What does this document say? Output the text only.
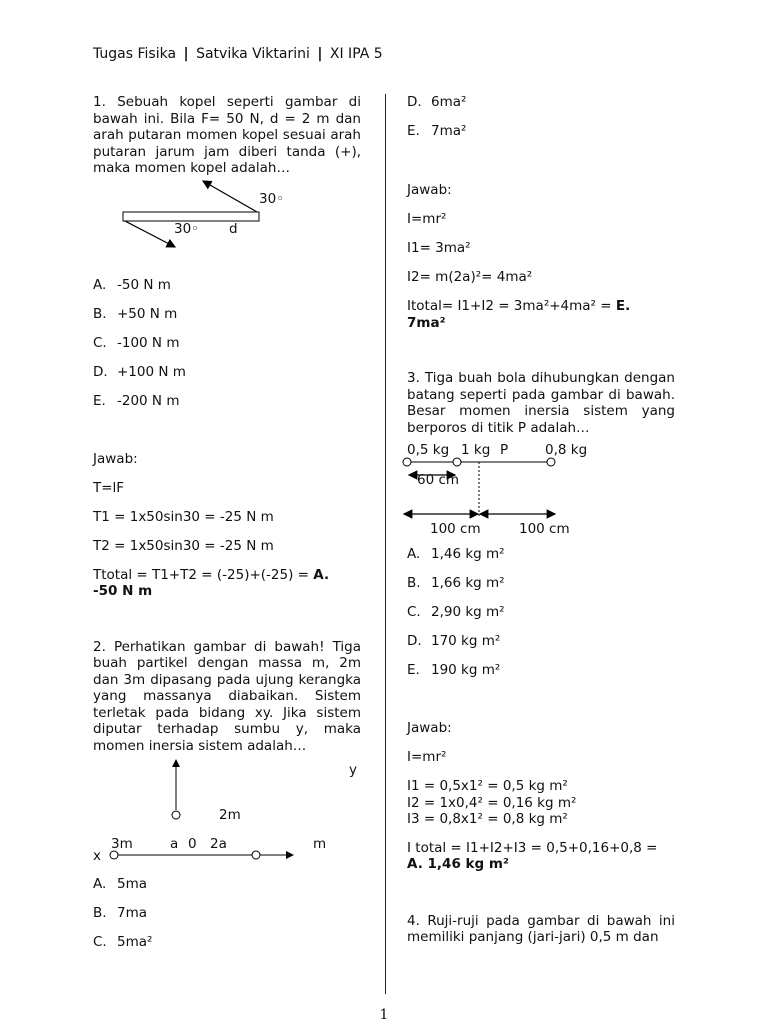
Tugas Fisika | Satvika Viktarini | XI IPA 5

1. Sebuah kopel seperti gambar di bawah ini. Bila F= 50 N, d = 2 m dan arah putaran momen kopel sesuai arah putaran jarum jam diberi tanda (+), maka momen kopel adalah…

30◦
30◦ d

A. -50 N m

B. +50 N m

C. -100 N m

D. +100 N m

E. -200 N m

Jawab:

T=lF

T1 = 1x50sin30 = -25 N m

T2 = 1x50sin30 = -25 N m

Ttotal = T1+T2 = (-25)+(-25) = A.

-50 N m

2. Perhatikan gambar di bawah! Tiga buah partikel dengan massa m, 2m dan 3m dipasang pada ujung kerangka yang massanya diabaikan. Sistem terletak pada bidang xy. Jika sistem diputar terhadap sumbu y, maka momen inersia sistem adalah…

y
2m
3m	a 0 2a	m
x

A. 5ma

B. 7ma

C. 5ma²

D. 6ma²

E. 7ma²

Jawab:

I=mr²

I1= 3ma²

I2= m(2a)²= 4ma²

Itotal= I1+I2 = 3ma²+4ma² = E.

7ma²

3. Tiga buah bola dihubungkan dengan batang seperti pada gambar di bawah. Besar momen inersia sistem yang berporos di titik P adalah…

0,5 kg 1 kg P	0,8 kg
60 cm
100 cm	100 cm

A. 1,46 kg m²

B. 1,66 kg m²

C. 2,90 kg m²

D. 170 kg m²

E. 190 kg m²

Jawab:

I=mr²

I1 = 0,5x1² = 0,5 kg m²

I2 = 1x0,4² = 0,16 kg m²

I3 = 0,8x1² = 0,8 kg m²

I total = I1+I2+I3 = 0,5+0,16+0,8 =

A. 1,46 kg m²

4. Ruji-ruji pada gambar di bawah ini memiliki panjang (jari-jari) 0,5 m dan

1
